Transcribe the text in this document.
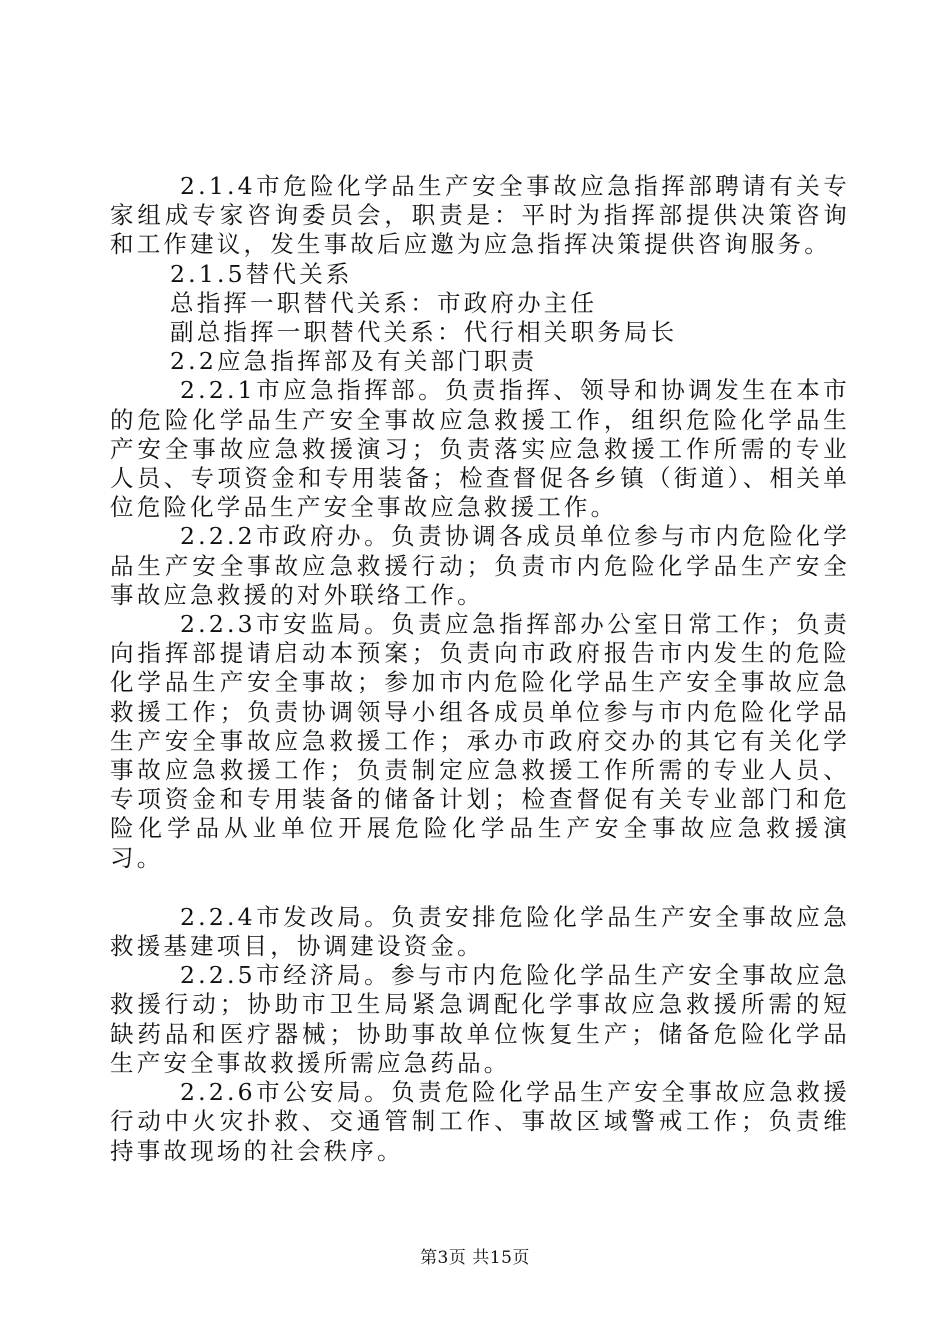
2.1.4市危险化学品生产安全事故应急指挥部聘请有关专家组成专家咨询委员会，职责是：平时为指挥部提供决策咨询和工作建议，发生事故后应邀为应急指挥决策提供咨询服务。

2.1.5替代关系

总指挥一职替代关系：市政府办主任

副总指挥一职替代关系：代行相关职务局长

2.2应急指挥部及有关部门职责

2.2.1市应急指挥部。负责指挥、领导和协调发生在本市的危险化学品生产安全事故应急救援工作，组织危险化学品生产安全事故应急救援演习；负责落实应急救援工作所需的专业人员、专项资金和专用装备；检查督促各乡镇（街道）、相关单位危险化学品生产安全事故应急救援工作。

2.2.2市政府办。负责协调各成员单位参与市内危险化学品生产安全事故应急救援行动；负责市内危险化学品生产安全事故应急救援的对外联络工作。

2.2.3市安监局。负责应急指挥部办公室日常工作；负责向指挥部提请启动本预案；负责向市政府报告市内发生的危险化学品生产安全事故；参加市内危险化学品生产安全事故应急救援工作；负责协调领导小组各成员单位参与市内危险化学品生产安全事故应急救援工作；承办市政府交办的其它有关化学事故应急救援工作；负责制定应急救援工作所需的专业人员、专项资金和专用装备的储备计划；检查督促有关专业部门和危险化学品从业单位开展危险化学品生产安全事故应急救援演习。

2.2.4市发改局。负责安排危险化学品生产安全事故应急救援基建项目，协调建设资金。

2.2.5市经济局。参与市内危险化学品生产安全事故应急救援行动；协助市卫生局紧急调配化学事故应急救援所需的短缺药品和医疗器械；协助事故单位恢复生产；储备危险化学品生产安全事故救援所需应急药品。

2.2.6市公安局。负责危险化学品生产安全事故应急救援行动中火灾扑救、交通管制工作、事故区域警戒工作；负责维持事故现场的社会秩序。

第3页 共15页
